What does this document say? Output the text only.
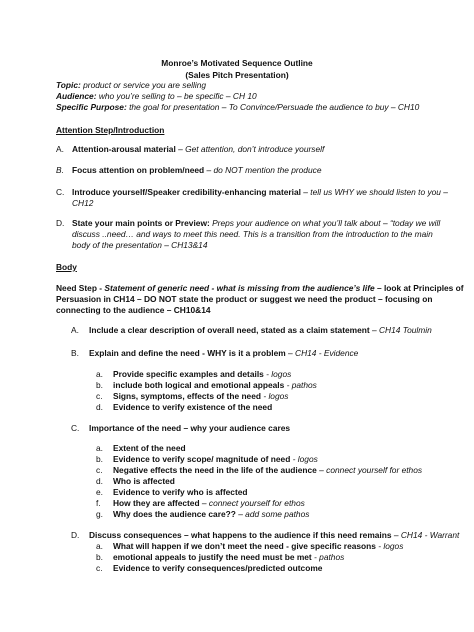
Monroe’s Motivated Sequence Outline
(Sales Pitch Presentation)
Topic: product or service you are selling
Audience: who you’re selling to – be specific – CH 10
Specific Purpose: the goal for presentation – To Convince/Persuade the audience to buy – CH10
Attention Step/Introduction
A. Attention-arousal material – Get attention, don’t introduce yourself
B. Focus attention on problem/need – do NOT mention the produce
C. Introduce yourself/Speaker credibility-enhancing material – tell us WHY we should listen to you –
CH12
D. State your main points or Preview: Preps your audience on what you’ll talk about – “today we will
discuss ..need… and ways to meet this need. This is a transition from the introduction to the main
body of the presentation – CH13&14
Body
Need Step - Statement of generic need - what is missing from the audience’s life – look at Principles of
Persuasion in CH14 – DO NOT state the product or suggest we need the product – focusing on
connecting to the audience – CH10&14
A. Include a clear description of overall need, stated as a claim statement – CH14 Toulmin
B. Explain and define the need - WHY is it a problem – CH14 - Evidence
a. Provide specific examples and details - logos
b. include both logical and emotional appeals - pathos
c. Signs, symptoms, effects of the need - logos
d. Evidence to verify existence of the need
C. Importance of the need – why your audience cares
a. Extent of the need
b. Evidence to verify scope/ magnitude of need - logos
c. Negative effects the need in the life of the audience – connect yourself for ethos
d. Who is affected
e. Evidence to verify who is affected
f. How they are affected – connect yourself for ethos
g. Why does the audience care?? – add some pathos
D. Discuss consequences – what happens to the audience if this need remains – CH14 - Warrant
a. What will happen if we don’t meet the need - give specific reasons - logos
b. emotional appeals to justify the need must be met - pathos
c. Evidence to verify consequences/predicted outcome
